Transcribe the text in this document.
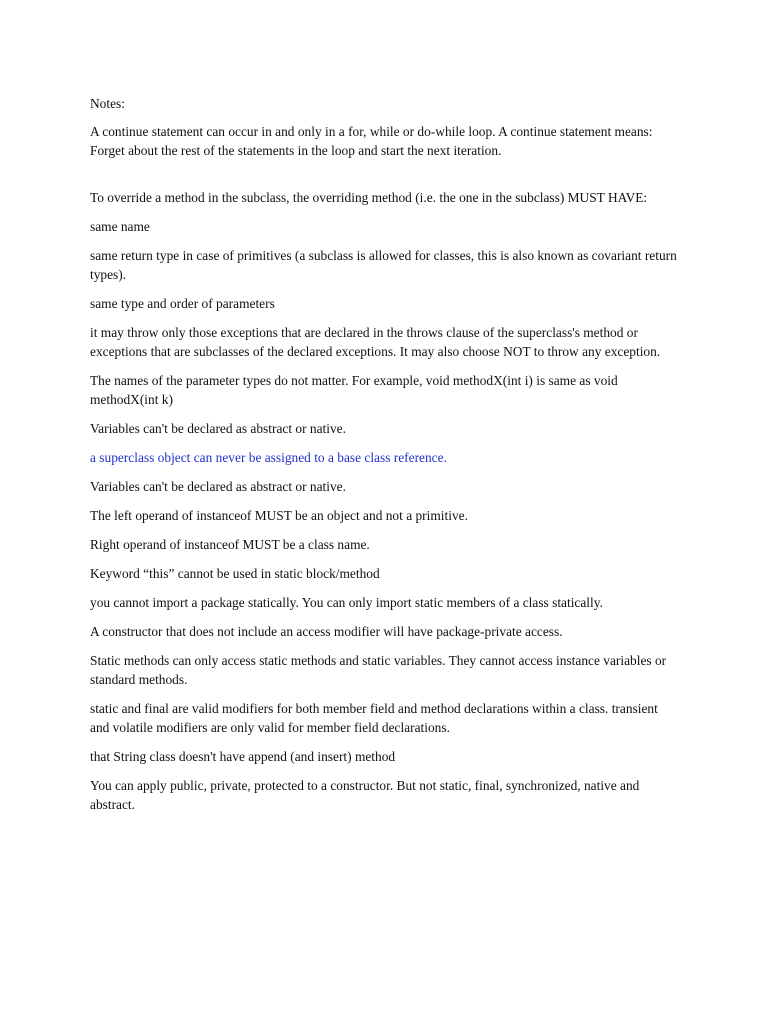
Notes:

A continue statement can occur in and only in a for, while or do-while loop. A continue statement means: Forget about the rest of the statements in the loop and start the next iteration.

To override a method in the subclass, the overriding method (i.e. the one in the subclass) MUST HAVE:

same name

same return type in case of primitives (a subclass is allowed for classes, this is also known as covariant return types).

same type and order of parameters

it may throw only those exceptions that are declared in the throws clause of the superclass's method or exceptions that are subclasses of the declared exceptions. It may also choose NOT to throw any exception.

The names of the parameter types do not matter. For example, void methodX(int i) is same as void methodX(int k)

Variables can't be declared as abstract or native.

a superclass object can never be assigned to a base class reference.

Variables can't be declared as abstract or native.

The left operand of instanceof MUST be an object and not a primitive.

Right operand of instanceof MUST be a class name.

Keyword “this” cannot be used in static block/method

you cannot import a package statically. You can only import static members of a class statically.

A constructor that does not include an access modifier will have package-private access.

Static methods can only access static methods and static variables. They cannot access instance variables or standard methods.

static and final are valid modifiers for both member field and method declarations within a class. transient and volatile modifiers are only valid for member field declarations.

that String class doesn't have append (and insert) method

You can apply public, private, protected to a constructor. But not static, final, synchronized, native and abstract.
